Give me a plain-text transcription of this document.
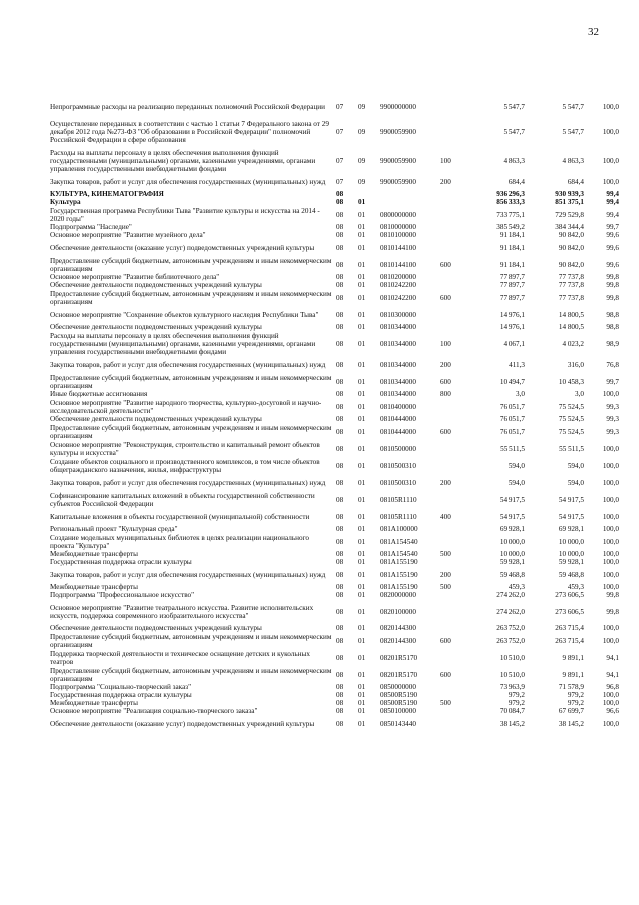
32
Непрограммные расходы на реализацию переданных полномочий Российской Федерации	07	09	9900000000		5 547,7	5 547,7	100,0
Осуществление переданных в соответствии с частью 1 статьи 7 Федерального закона от 29 декабря 2012 года №273-ФЗ "Об образовании в Российской Федерации" полномочий Российской Федерации в сфере образования	07	09	9900059900		5 547,7	5 547,7	100,0
Расходы на выплаты персоналу в целях обеспечения выполнения функций государственными (муниципальными) органами, казенными учреждениями, органами управления государственными внебюджетными фондами	07	09	9900059900	100	4 863,3	4 863,3	100,0
Закупка товаров, работ и услуг для обеспечения государственных (муниципальных) нужд	07	09	9900059900	200	684,4	684,4	100,0
КУЛЬТУРА, КИНЕМАТОГРАФИЯ	08				936 296,3	930 939,3	99,4
Культура	08	01			856 333,3	851 375,1	99,4
Государственная программа Республики Тыва "Развитие культуры и искусства на 2014 - 2020 годы"	08	01	0800000000		733 775,1	729 529,8	99,4
Подпрограмма "Наследие"	08	01	0810000000		385 549,2	384 344,4	99,7
Основное мероприятие "Развитие музейного дела"	08	01	0810100000		91 184,1	90 842,0	99,6
Обеспечение деятельности (оказание услуг) подведомственных учреждений культуры	08	01	0810144100		91 184,1	90 842,0	99,6
Предоставление субсидий бюджетным, автономным учреждениям и иным некоммерческим организациям	08	01	0810144100	600	91 184,1	90 842,0	99,6
Основное мероприятие "Развитие библиотечного дела"	08	01	0810200000		77 897,7	77 737,8	99,8
Обеспечение деятельности подведомственных учреждений культуры	08	01	0810242200		77 897,7	77 737,8	99,8
Предоставление субсидий бюджетным, автономным учреждениям и иным некоммерческим организациям	08	01	0810242200	600	77 897,7	77 737,8	99,8
Основное мероприятие "Сохранение объектов культурного наследия Республики Тыва"	08	01	0810300000		14 976,1	14 800,5	98,8
Обеспечение деятельности подведомственных учреждений культуры	08	01	0810344000		14 976,1	14 800,5	98,8
Расходы на выплаты персоналу в целях обеспечения выполнения функций государственными (муниципальными) органами, казенными учреждениями, органами управления государственными внебюджетными фондами	08	01	0810344000	100	4 067,1	4 023,2	98,9
Закупка товаров, работ и услуг для обеспечения государственных (муниципальных) нужд	08	01	0810344000	200	411,3	316,0	76,8
Предоставление субсидий бюджетным, автономным учреждениям и иным некоммерческим организациям	08	01	0810344000	600	10 494,7	10 458,3	99,7
Иные бюджетные ассигнования	08	01	0810344000	800	3,0	3,0	100,0
Основное мероприятие "Развитие народного творчества, культурно-досуговой и научно-исследовательской деятельности"	08	01	0810400000		76 051,7	75 524,5	99,3
Обеспечение деятельности подведомственных учреждений культуры	08	01	0810444000		76 051,7	75 524,5	99,3
Предоставление субсидий бюджетным, автономным учреждениям и иным некоммерческим организациям	08	01	0810444000	600	76 051,7	75 524,5	99,3
Основное мероприятие "Реконструкция, строительство и капитальный ремонт объектов культуры и искусства"	08	01	0810500000		55 511,5	55 511,5	100,0
Создание объектов социального и производственного комплексов, в том числе объектов общегражданского назначения, жилья, инфраструктуры	08	01	0810500310		594,0	594,0	100,0
Закупка товаров, работ и услуг для обеспечения государственных (муниципальных) нужд	08	01	0810500310	200	594,0	594,0	100,0
Софинансирование капитальных вложений в объекты государственной собственности субъектов Российской Федерации	08	01	08105R1110		54 917,5	54 917,5	100,0
Капитальные вложения в объекты государственной (муниципальной) собственности	08	01	08105R1110	400	54 917,5	54 917,5	100,0
Региональный проект "Культурная среда"	08	01	081A100000		69 928,1	69 928,1	100,0
Создание модельных муниципальных библиотек в целях реализации национального проекта "Культура"	08	01	081A154540		10 000,0	10 000,0	100,0
Межбюджетные трансферты	08	01	081A154540	500	10 000,0	10 000,0	100,0
Государственная поддержка отрасли культуры	08	01	081A155190		59 928,1	59 928,1	100,0
Закупка товаров, работ и услуг для обеспечения государственных (муниципальных) нужд	08	01	081A155190	200	59 468,8	59 468,8	100,0
Межбюджетные трансферты	08	01	081A155190	500	459,3	459,3	100,0
Подпрограмма "Профессиональное искусство"	08	01	0820000000		274 262,0	273 606,5	99,8
Основное мероприятие "Развитие театрального искусства. Развитие исполнительских искусств, поддержка современного изобразительного искусства"	08	01	0820100000		274 262,0	273 606,5	99,8
Обеспечение деятельности подведомственных учреждений культуры	08	01	0820144300		263 752,0	263 715,4	100,0
Предоставление субсидий бюджетным, автономным учреждениям и иным некоммерческим организациям	08	01	0820144300	600	263 752,0	263 715,4	100,0
Поддержка творческой деятельности и техническое оснащение детских и кукольных театров	08	01	08201R5170		10 510,0	9 891,1	94,1
Предоставление субсидий бюджетным, автономным учреждениям и иным некоммерческим организациям	08	01	08201R5170	600	10 510,0	9 891,1	94,1
Подпрограмма "Социально-творческий заказ"	08	01	0850000000		73 963,9	71 578,9	96,8
Государственная поддержка отрасли культуры	08	01	08500R5190		979,2	979,2	100,0
Межбюджетные трансферты	08	01	08500R5190	500	979,2	979,2	100,0
Основное мероприятие "Реализация социально-творческого заказа"	08	01	0850100000		70 084,7	67 699,7	96,6
Обеспечение деятельности (оказание услуг) подведомственных учреждений культуры	08	01	0850143440		38 145,2	38 145,2	100,0
